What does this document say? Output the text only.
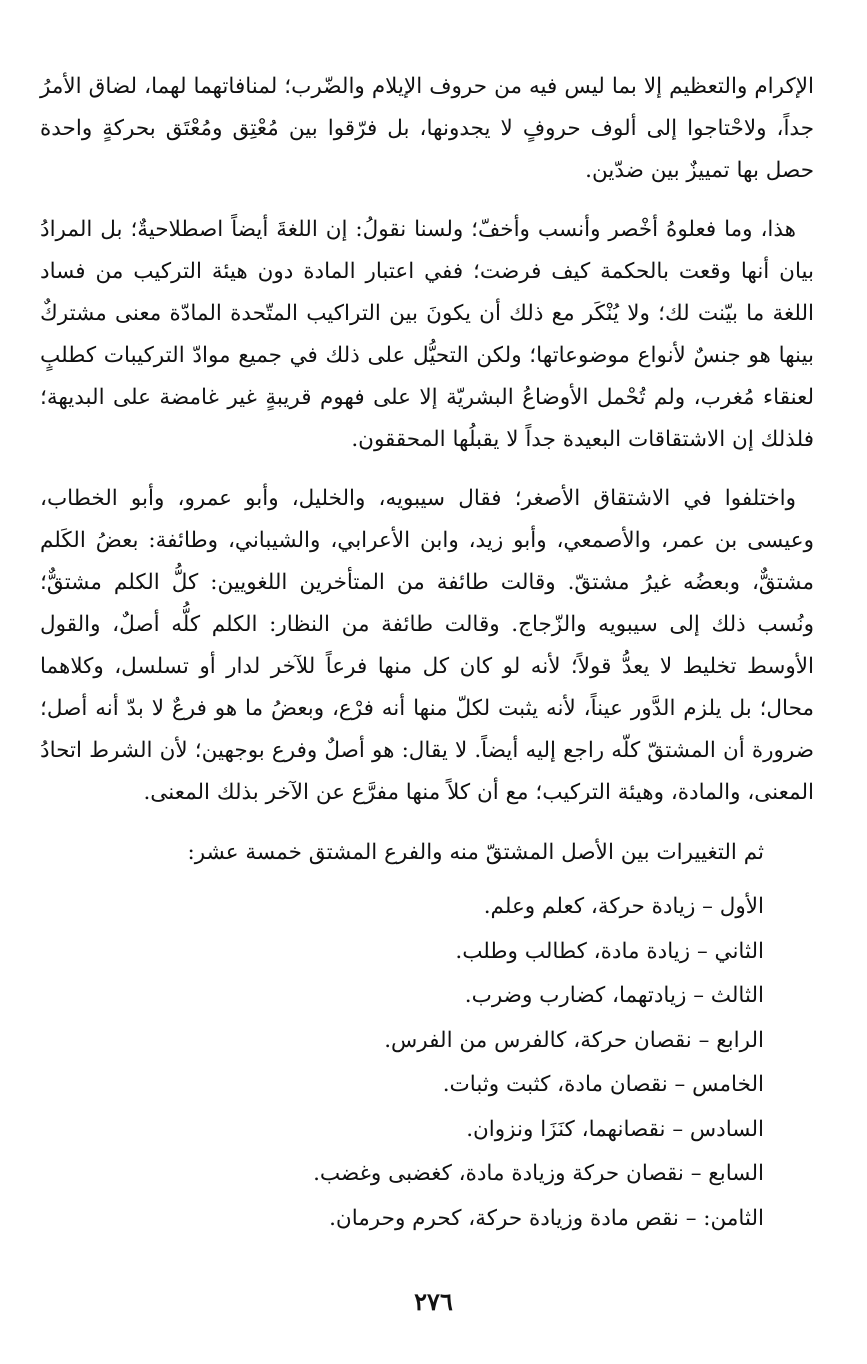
الإكرام والتعظيم إلا بما ليس فيه من حروف الإيلام والضّرب؛ لمنافاتهما لهما، لضاق الأمرُ جداً، ولاحْتاجوا إلى ألوف حروفٍ لا يجدونها، بل فرّقوا بين مُعْتِق ومُعْتَق بحركةٍ واحدة حصل بها تمييزٌ بين ضدّين.

هذا، وما فعلوهُ أخْصر وأنسب وأخفّ؛ ولسنا نقولُ: إن اللغةَ أيضاً اصطلاحيةٌ؛ بل المرادُ بيان أنها وقعت بالحكمة كيف فرضت؛ ففي اعتبار المادة دون هيئة التركيب من فساد اللغة ما بيّنت لك؛ ولا يُنْكَر مع ذلك أن يكونَ بين التراكيب المتّحدة المادّة معنى مشتركٌ بينها هو جنسٌ لأنواع موضوعاتها؛ ولكن التحيُّل على ذلك في جميع موادّ التركيبات كطلبٍ لعنقاء مُغرب، ولم تُحْمل الأوضاعُ البشريّة إلا على فهوم قريبةٍ غير غامضة على البديهة؛ فلذلك إن الاشتقاقات البعيدة جداً لا يقبلُها المحققون.

واختلفوا في الاشتقاق الأصغر؛ فقال سيبويه، والخليل، وأبو عمرو، وأبو الخطاب، وعيسى بن عمر، والأصمعي، وأبو زيد، وابن الأعرابي، والشيباني، وطائفة: بعضُ الكَلم مشتقٌّ، وبعضُه غيرُ مشتقّ. وقالت طائفة من المتأخرين اللغويين: كلُّ الكلم مشتقٌّ؛ ونُسب ذلك إلى سيبويه والزّجاج. وقالت طائفة من النظار: الكلم كلُّه أصلٌ، والقول الأوسط تخليط لا يعدُّ قولاً؛ لأنه لو كان كل منها فرعاً للآخر لدار أو تسلسل، وكلاهما محال؛ بل يلزم الدَّور عيناً، لأنه يثبت لكلّ منها أنه فرْع، وبعضُ ما هو فرعٌ لا بدّ أنه أصل؛ ضرورة أن المشتقّ كلّه راجع إليه أيضاً. لا يقال: هو أصلٌ وفرع بوجهين؛ لأن الشرط اتحادُ المعنى، والمادة، وهيئة التركيب؛ مع أن كلاً منها مفرَّع عن الآخر بذلك المعنى.

ثم التغييرات بين الأصل المشتقّ منه والفرع المشتق خمسة عشر:

الأول – زيادة حركة، كعلم وعلم.
الثاني – زيادة مادة، كطالب وطلب.
الثالث – زيادتهما، كضارب وضرب.
الرابع – نقصان حركة، كالفرس من الفرس.
الخامس – نقصان مادة، كثبت وثبات.
السادس – نقصانهما، كنَزَا ونزوان.
السابع – نقصان حركة وزيادة مادة، كغضبى وغضب.
الثامن: – نقص مادة وزيادة حركة، كحرم وحرمان.
٢٧٦
